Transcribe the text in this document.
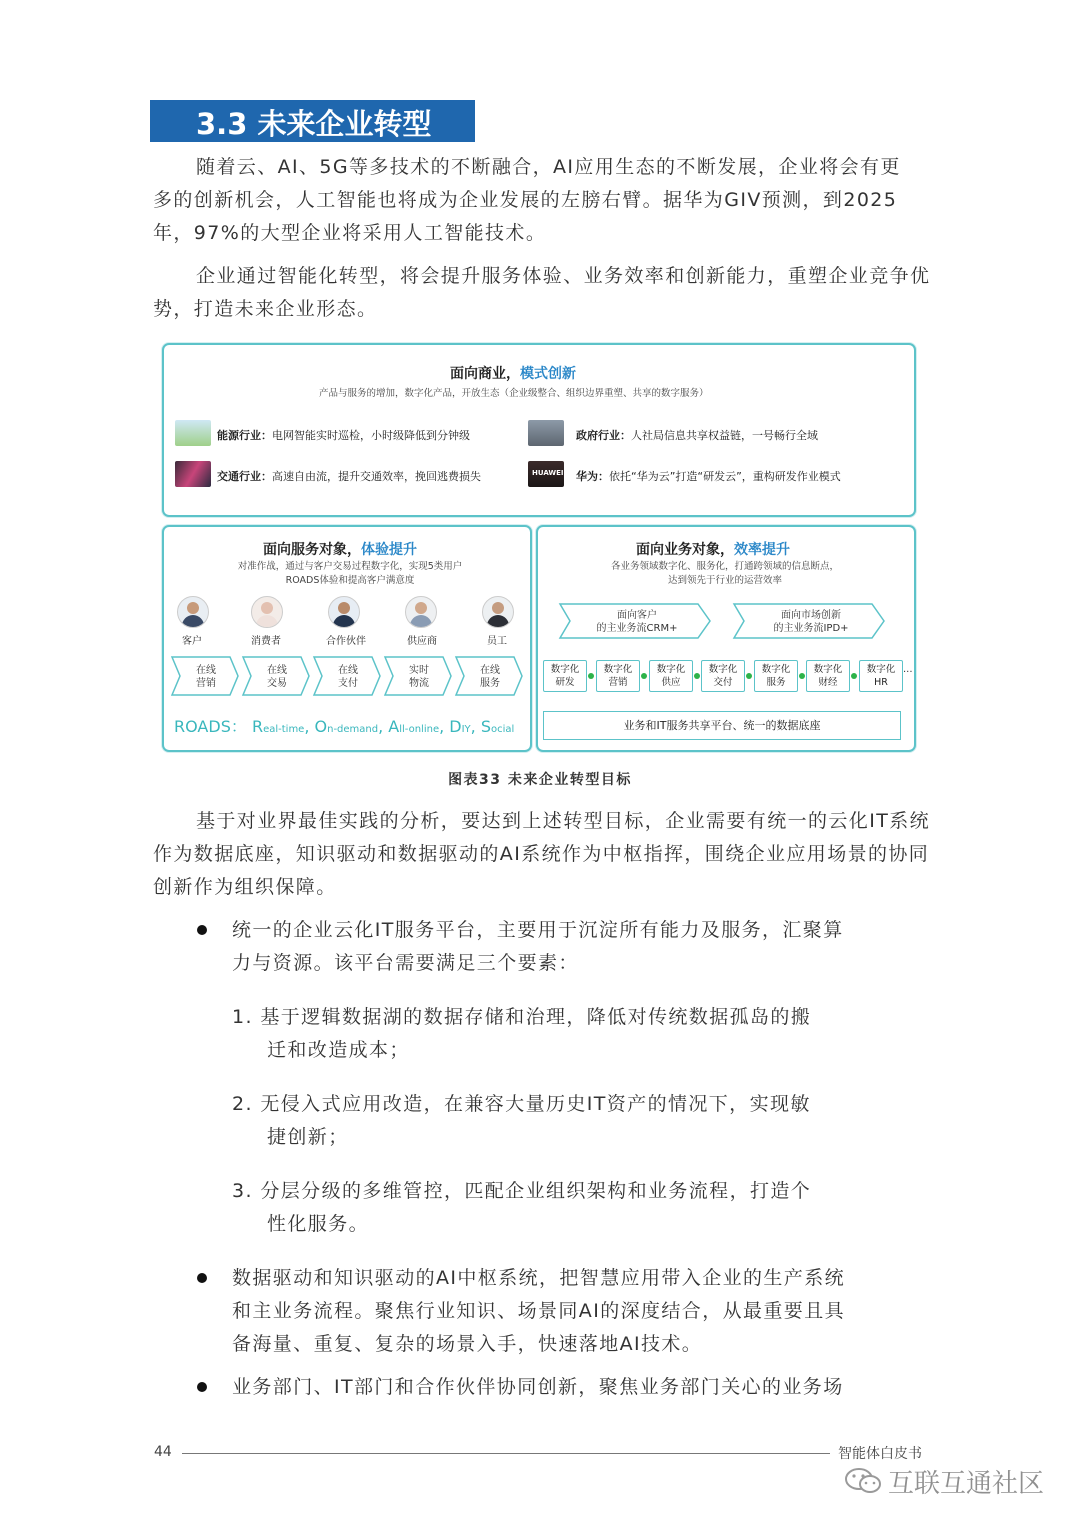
3.3 未来企业转型
随着云、AI、5G等多技术的不断融合，AI应用生态的不断发展，企业将会有更
多的创新机会，人工智能也将成为企业发展的左膀右臂。据华为GIV预测，到2025
年，97%的大型企业将采用人工智能技术。
企业通过智能化转型，将会提升服务体验、业务效率和创新能力，重塑企业竞争优
势，打造未来企业形态。
面向商业，模式创新
产品与服务的增加，数字化产品，开放生态（企业级整合、组织边界重塑、共享的数字服务）
能源行业：电网智能实时巡检，小时级降低到分钟级	政府行业：人社局信息共享权益链，一号畅行全域
交通行业：高速自由流，提升交通效率，挽回逃费损失	HUAWEI 华为：依托“华为云”打造“研发云”，重构研发作业模式
面向服务对象，体验提升
对准作战，通过与客户交易过程数字化，实现5类用户
ROADS体验和提高客户满意度
客户	消费者	合作伙伴	供应商	员工
在线
营销
在线
交易
在线
支付
实时
物流
在线
服务
ROADS： Real-time, On-demand, All-online, DIY, Social
面向业务对象，效率提升
各业务领域数字化、服务化，打通跨领域的信息断点，
达到领先于行业的运营效率
面向客户
的主业务流CRM+
面向市场创新
的主业务流IPD+
数字化
研发
数字化
营销
数字化
供应
数字化
交付
数字化
服务
数字化
财经
数字化
HR
...
业务和IT服务共享平台、统一的数据底座
图表33 未来企业转型目标
基于对业界最佳实践的分析，要达到上述转型目标，企业需要有统一的云化IT系统
作为数据底座，知识驱动和数据驱动的AI系统作为中枢指挥，围绕企业应用场景的协同
创新作为组织保障。
统一的企业云化IT服务平台，主要用于沉淀所有能力及服务，汇聚算
力与资源。该平台需要满足三个要素：
1. 基于逻辑数据湖的数据存储和治理，降低对传统数据孤岛的搬
迁和改造成本；
2. 无侵入式应用改造，在兼容大量历史IT资产的情况下，实现敏
捷创新；
3. 分层分级的多维管控，匹配企业组织架构和业务流程，打造个
性化服务。
数据驱动和知识驱动的AI中枢系统，把智慧应用带入企业的生产系统
和主业务流程。聚焦行业知识、场景同AI的深度结合，从最重要且具
备海量、重复、复杂的场景入手，快速落地AI技术。
业务部门、IT部门和合作伙伴协同创新，聚焦业务部门关心的业务场
44	智能体白皮书
互联互通社区
